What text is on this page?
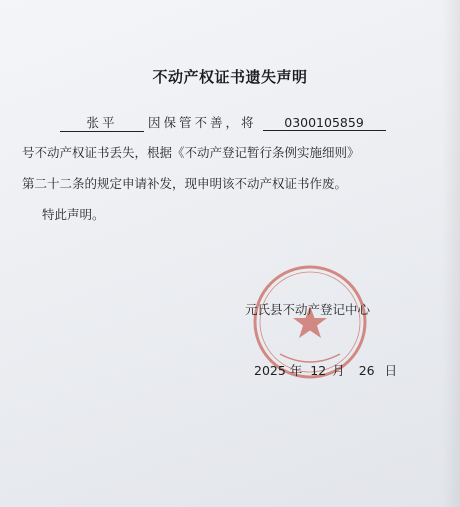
不动产权证书遗失声明
张平 因保管不善，将 0300105859
号不动产权证书丢失，根据《不动产登记暂行条例实施细则》
第二十二条的规定申请补发，现申明该不动产权证书作废。
特此声明。
元氏县不动产登记中心
2025 年 12 月 26 日
